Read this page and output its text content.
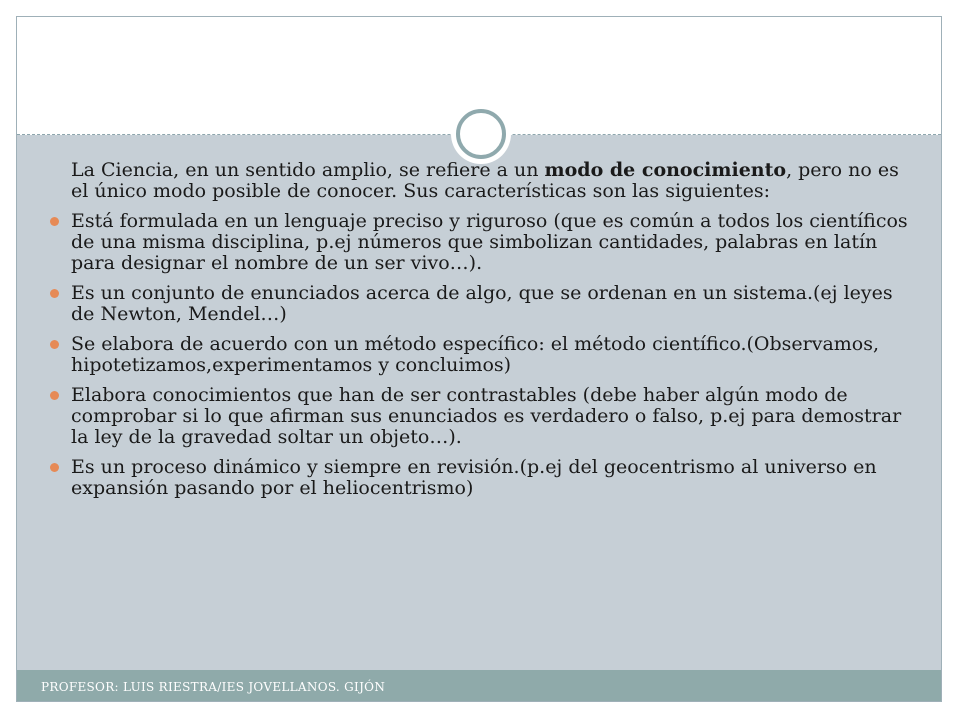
La Ciencia, en un sentido amplio, se refiere a un modo de conocimiento, pero no es el único modo posible de conocer. Sus características son las siguientes:

Está formulada en un lenguaje preciso y riguroso (que es común a todos los científicos de una misma disciplina, p.ej números que simbolizan cantidades, palabras en latín para designar el nombre de un ser vivo…).
Es un conjunto de enunciados acerca de algo, que se ordenan en un sistema.(ej leyes de Newton, Mendel…)
Se elabora de acuerdo con un método específico: el método científico.(Observamos, hipotetizamos,experimentamos y concluimos)
Elabora conocimientos que han de ser contrastables (debe haber algún modo de comprobar si lo que afirman sus enunciados es verdadero o falso, p.ej para demostrar la ley de la gravedad soltar un objeto…).
Es un proceso dinámico y siempre en revisión.(p.ej del geocentrismo al universo en expansión pasando por el heliocentrismo)
PROFESOR: LUIS RIESTRA/IES JOVELLANOS. GIJÓN
